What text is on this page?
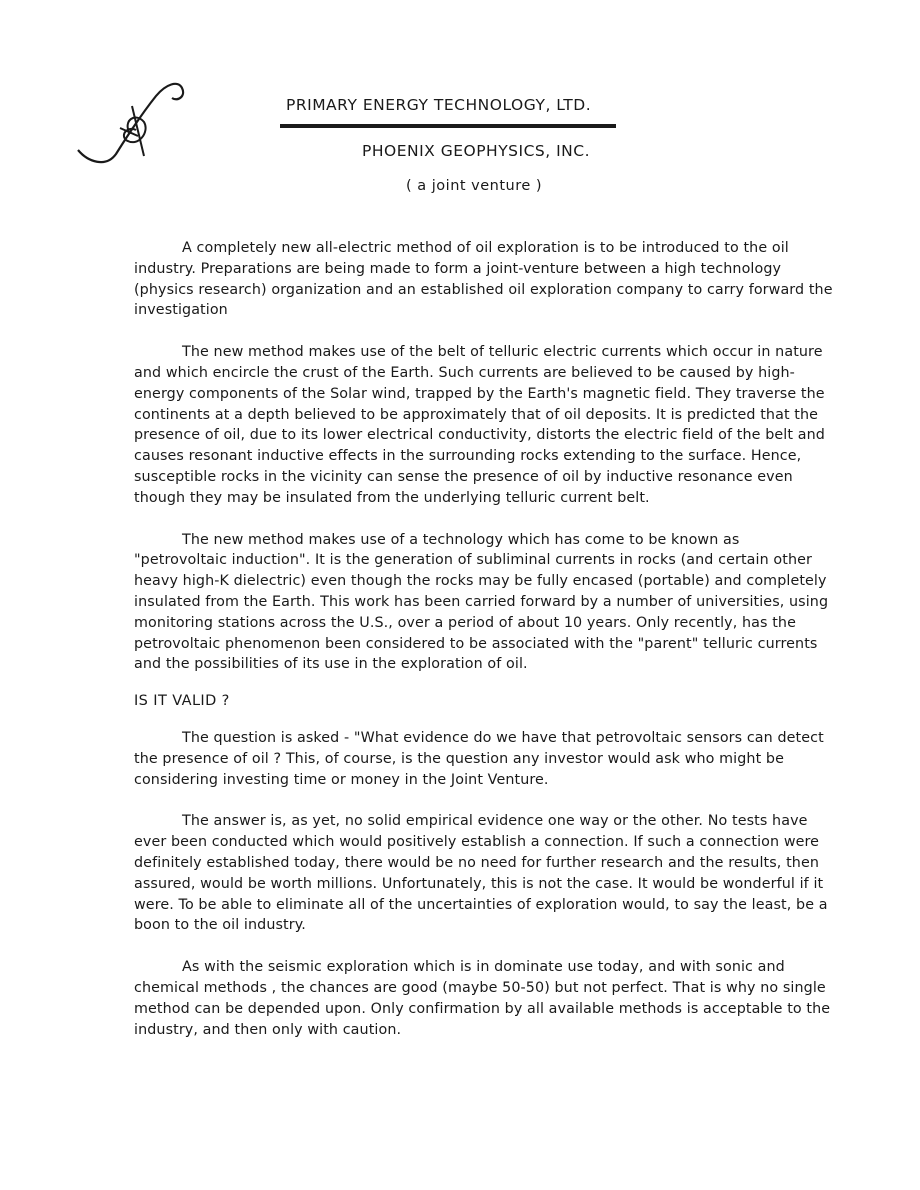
PRIMARY ENERGY TECHNOLOGY, LTD.
PHOENIX GEOPHYSICS, INC.
( a joint venture )

A completely new all-electric method of oil exploration is to be introduced to the oil industry. Preparations are being made to form a joint-venture between a high technology (physics research) organization and an established oil exploration company to carry forward the investigation

The new method makes use of the belt of telluric electric currents which occur in nature and which encircle the crust of the Earth. Such currents are believed to be caused by high-energy components of the Solar wind, trapped by the Earth's magnetic field. They traverse the continents at a depth believed to be approximately that of oil deposits. It is predicted that the presence of oil, due to its lower electrical conductivity, distorts the electric field of the belt and causes resonant inductive effects in the surrounding rocks extending to the surface. Hence, susceptible rocks in the vicinity can sense the presence of oil by inductive resonance even though they may be insulated from the underlying telluric current belt.

The new method makes use of a technology which has come to be known as "petrovoltaic induction". It is the generation of subliminal currents in rocks (and certain other heavy high-K dielectric) even though the rocks may be fully encased (portable) and completely insulated from the Earth. This work has been carried forward by a number of universities, using monitoring stations across the U.S., over a period of about 10 years. Only recently, has the petrovoltaic phenomenon been considered to be associated with the "parent" telluric currents and the possibilities of its use in the exploration of oil.

IS IT VALID ?

The question is asked - "What evidence do we have that petrovoltaic sensors can detect the presence of oil ? This, of course, is the question any investor would ask who might be considering investing time or money in the Joint Venture.

The answer is, as yet, no solid empirical evidence one way or the other. No tests have ever been conducted which would positively establish a connection. If such a connection were definitely established today, there would be no need for further research and the results, then assured, would be worth millions. Unfortunately, this is not the case. It would be wonderful if it were. To be able to eliminate all of the uncertainties of exploration would, to say the least, be a boon to the oil industry.

As with the seismic exploration which is in dominate use today, and with sonic and chemical methods , the chances are good (maybe 50-50) but not perfect. That is why no single method can be depended upon. Only confirmation by all available methods is acceptable to the industry, and then only with caution.
